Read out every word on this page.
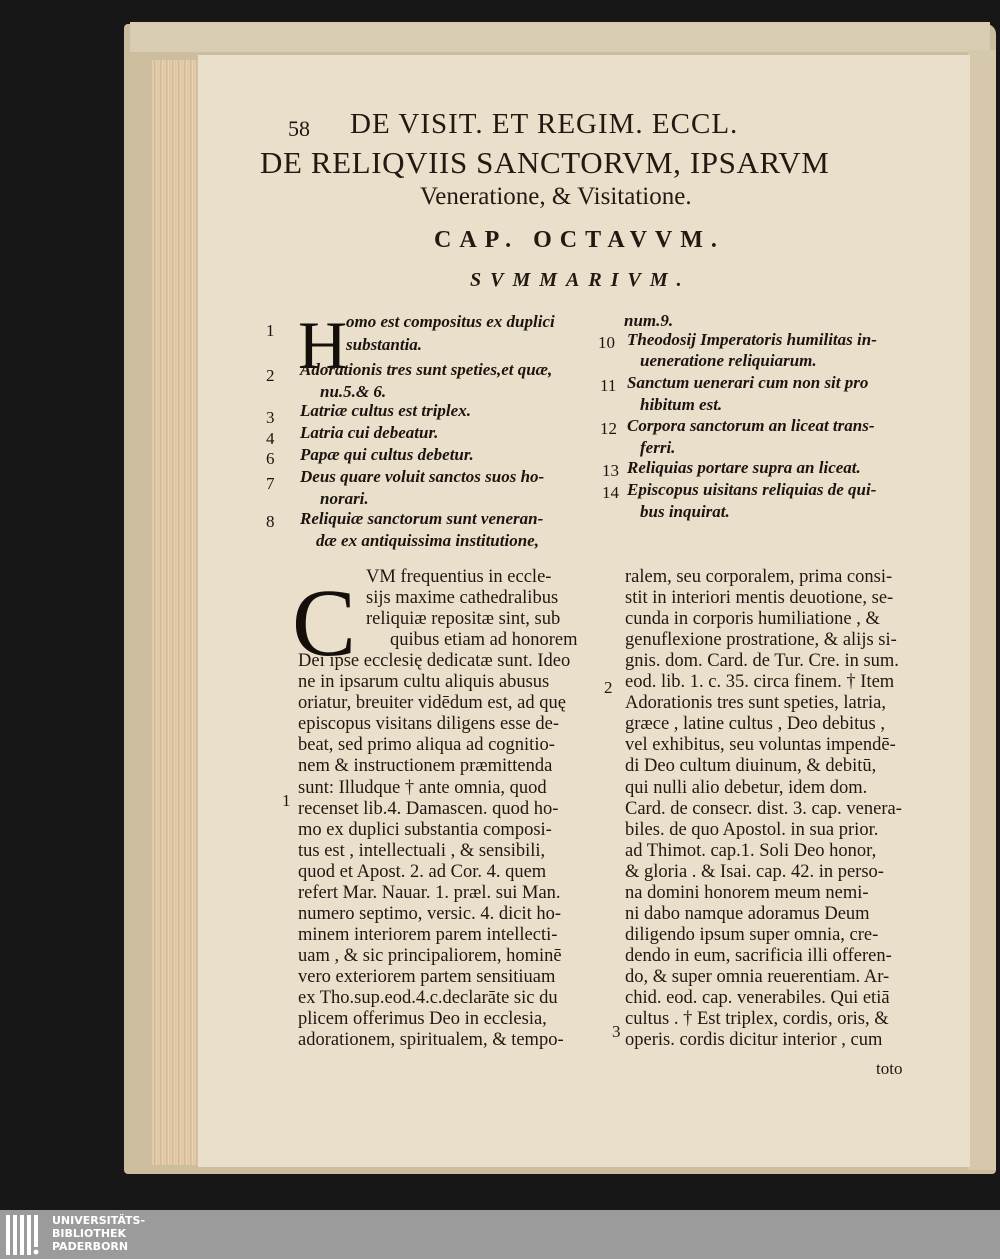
58 DE VISIT. ET REGIM. ECCL.
DE RELIQVIIS SANCTORVM, IPSARVM
Veneratione, & Visitatione.
CAP. OCTAVVM.
SVMMARIVM.
H
1	omo est compositus ex duplici
substantia.
2 Adorationis tres sunt speties,et quæ,
nu.5.& 6.
3 Latriæ cultus est triplex.
4 Latria cui debeatur.
6 Papæ qui cultus debetur.
7 Deus quare voluit sanctos suos ho-
norari.
8 Reliquiæ sanctorum sunt veneran-
dæ ex antiquissima institutione,
num.9.
10 Theodosij Imperatoris humilitas in-
ueneratione reliquiarum.
11 Sanctum uenerari cum non sit pro
hibitum est.
12 Corpora sanctorum an liceat trans-
ferri.
13 Reliquias portare supra an liceat.
14 Episcopus uisitans reliquias de qui-
bus inquirat.
C VM frequentius in eccle-
sijs maxime cathedralibus
reliquiæ repositæ sint, sub
quibus etiam ad honorem
Dei ipse ecclesię dedicatæ sunt. Ideo
ne in ipsarum cultu aliquis abusus
oriatur, breuiter vidēdum est, ad quę
episcopus visitans diligens esse de-
beat, sed primo aliqua ad cognitio-
nem & instructionem præmittenda
sunt: Illudque † ante omnia, quod
recenset lib.4. Damascen. quod ho-
mo ex duplici substantia composi-
tus est , intellectuali , & sensibili,
quod et Apost. 2. ad Cor. 4. quem
refert Mar. Nauar. 1. præl. sui Man.
numero septimo, versic. 4. dicit ho-
minem interiorem parem intellecti-
uam , & sic principaliorem, hominē
vero exteriorem partem sensitiuam
ex Tho.sup.eod.4.c.declarāte sic du
plicem offerimus Deo in ecclesia,
adorationem, spiritualem, & tempo-
ralem, seu corporalem, prima consi-
stit in interiori mentis deuotione, se-
cunda in corporis humiliatione , &
genuflexione prostratione, & alijs si-
gnis. dom. Card. de Tur. Cre. in sum.
eod. lib. 1. c. 35. circa finem. † Item
Adorationis tres sunt speties, latria,
græce , latine cultus , Deo debitus ,
vel exhibitus, seu voluntas impendē-
di Deo cultum diuinum, & debitū,
qui nulli alio debetur, idem dom.
Card. de consecr. dist. 3. cap. venera-
biles. de quo Apostol. in sua prior.
ad Thimot. cap.1. Soli Deo honor,
& gloria . & Isai. cap. 42. in perso-
na domini honorem meum nemi-
ni dabo namque adoramus Deum
diligendo ipsum super omnia, cre-
dendo in eum, sacrificia illi offeren-
do, & super omnia reuerentiam. Ar-
chid. eod. cap. venerabiles. Qui etiā
cultus . † Est triplex, cordis, oris, &
operis. cordis dicitur interior , cum
1
2
3
toto
UNIVERSITÄTS-
BIBLIOTHEK
PADERBORN
